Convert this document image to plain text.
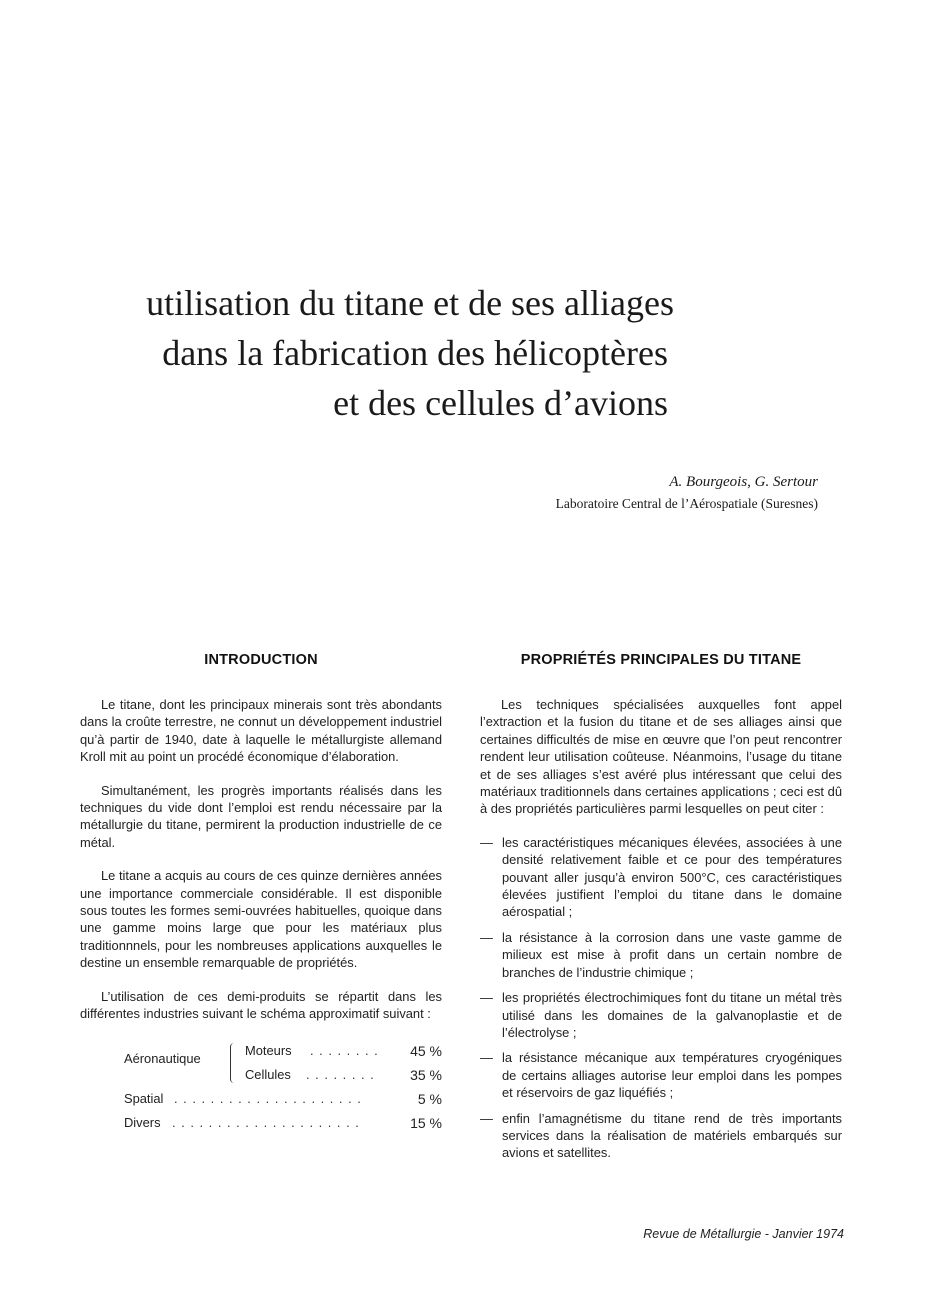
utilisation du titane et de ses alliages
dans la fabrication des hélicoptères
et des cellules d’avions

A. Bourgeois, G. Sertour

Laboratoire Central de l’Aérospatiale (Suresnes)

INTRODUCTION

Le titane, dont les principaux minerais sont très abondants dans la croûte terrestre, ne connut un développement industriel qu’à partir de 1940, date à laquelle le métallurgiste allemand Kroll mit au point un procédé économique d’élaboration.

Simultanément, les progrès importants réalisés dans les techniques du vide dont l’emploi est rendu nécessaire par la métallurgie du titane, permirent la production industrielle de ce métal.

Le titane a acquis au cours de ces quinze dernières années une importance commerciale considérable. Il est disponible sous toutes les formes semi-ouvrées habituelles, quoique dans une gamme moins large que pour les matériaux plus traditionnnels, pour les nombreuses applications auxquelles le destine un ensemble remarquable de propriétés.

L’utilisation de ces demi-produits se répartit dans les différentes industries suivant le schéma approximatif suivant :

Aéronautique
Moteurs . . . . . . . .	45 %
Cellules . . . . . . . .	35 %
Spatial . . . . . . . . . . . . . . . . . . . . .	5 %
Divers . . . . . . . . . . . . . . . . . . . . .	15 %
PROPRIÉTÉS PRINCIPALES DU TITANE

Les techniques spécialisées auxquelles font appel l’extraction et la fusion du titane et de ses alliages ainsi que certaines difficultés de mise en œuvre que l’on peut rencontrer rendent leur utilisation coûteuse. Néanmoins, l’usage du titane et de ses alliages s’est avéré plus intéressant que celui des matériaux traditionnels dans certaines applications ; ceci est dû à des propriétés particulières parmi lesquelles on peut citer :

— les caractéristiques mécaniques élevées, associées à une densité relativement faible et ce pour des températures pouvant aller jusqu’à environ 500°C, ces caractéristiques élevées justifient l’emploi du titane dans le domaine aérospatial ;
— la résistance à la corrosion dans une vaste gamme de milieux est mise à profit dans un certain nombre de branches de l’industrie chimique ;
— les propriétés électrochimiques font du titane un métal très utilisé dans les domaines de la galvanoplastie et de l’électrolyse ;
— la résistance mécanique aux températures cryogéniques de certains alliages autorise leur emploi dans les pompes et réservoirs de gaz liquéfiés ;
— enfin l’amagnétisme du titane rend de très importants services dans la réalisation de matériels embarqués sur avions et satellites.

Revue de Métallurgie - Janvier 1974
